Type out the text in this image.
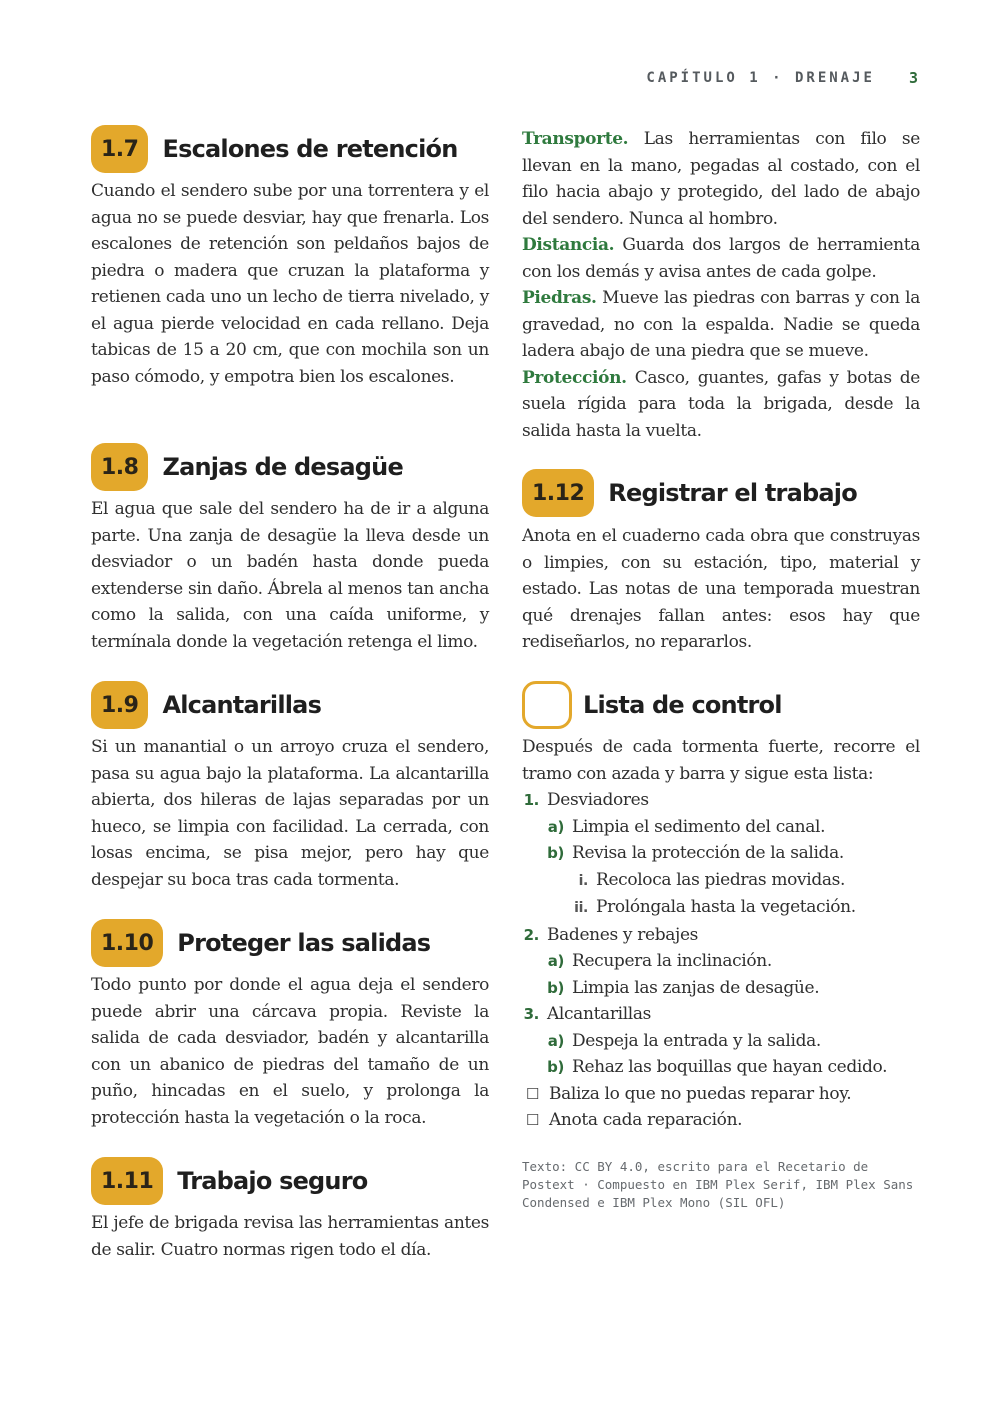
CAPÍTULO 1 · DRENAJE 3
1.7	Escalones de retención

Cuando el sendero sube por una torrentera y el agua no se puede desviar, hay que frenarla. Los escalones de retención son peldaños bajos de piedra o madera que cruzan la plataforma y retienen cada uno un lecho de tierra nivelado, y el agua pierde velocidad en cada rellano. Deja tabicas de 15 a 20 cm, que con mochila son un paso cómodo, y empotra bien los escalones.

1.8	Zanjas de desagüe

El agua que sale del sendero ha de ir a alguna parte. Una zanja de desagüe la lleva desde un desviador o un badén hasta donde pueda extenderse sin daño. Ábrela al menos tan ancha como la salida, con una caída uniforme, y termínala donde la vegetación retenga el limo.

1.9	Alcantarillas

Si un manantial o un arroyo cruza el sendero, pasa su agua bajo la plataforma. La alcantarilla abierta, dos hileras de lajas separadas por un hueco, se limpia con facilidad. La cerrada, con losas encima, se pisa mejor, pero hay que despejar su boca tras cada tormenta.

1.10	Proteger las salidas

Todo punto por donde el agua deja el sendero puede abrir una cárcava propia. Reviste la salida de cada desviador, badén y alcantarilla con un abanico de piedras del tamaño de un puño, hincadas en el suelo, y prolonga la protección hasta la vegetación o la roca.

1.11	Trabajo seguro

El jefe de brigada revisa las herramientas antes de salir. Cuatro normas rigen todo el día.

Transporte. Las herramientas con filo se llevan en la mano, pegadas al costado, con el filo hacia abajo y protegido, del lado de abajo del sendero. Nunca al hombro.

Distancia. Guarda dos largos de herramienta con los demás y avisa antes de cada golpe.

Piedras. Mueve las piedras con barras y con la gravedad, no con la espalda. Nadie se queda ladera abajo de una piedra que se mueve.

Protección. Casco, guantes, gafas y botas de suela rígida para toda la brigada, desde la salida hasta la vuelta.

1.12	Registrar el trabajo

Anota en el cuaderno cada obra que construyas o limpies, con su estación, tipo, material y estado. Las notas de una temporada muestran qué drenajes fallan antes: esos hay que rediseñarlos, no repararlos.

Lista de control

Después de cada tormenta fuerte, recorre el tramo con azada y barra y sigue esta lista:

1. Desviadores
a) Limpia el sedimento del canal.
b) Revisa la protección de la salida.
i. Recoloca las piedras movidas.
ii. Prolóngala hasta la vegetación.
2. Badenes y rebajes
a) Recupera la inclinación.
b) Limpia las zanjas de desagüe.
3. Alcantarillas
a) Despeja la entrada y la salida.
b) Rehaz las boquillas que hayan cedido.
☐ Baliza lo que no puedas reparar hoy.
☐ Anota cada reparación.

Texto: CC BY 4.0, escrito para el Recetario de Postext · Compuesto en IBM Plex Serif, IBM Plex Sans Condensed e IBM Plex Mono (SIL OFL)
